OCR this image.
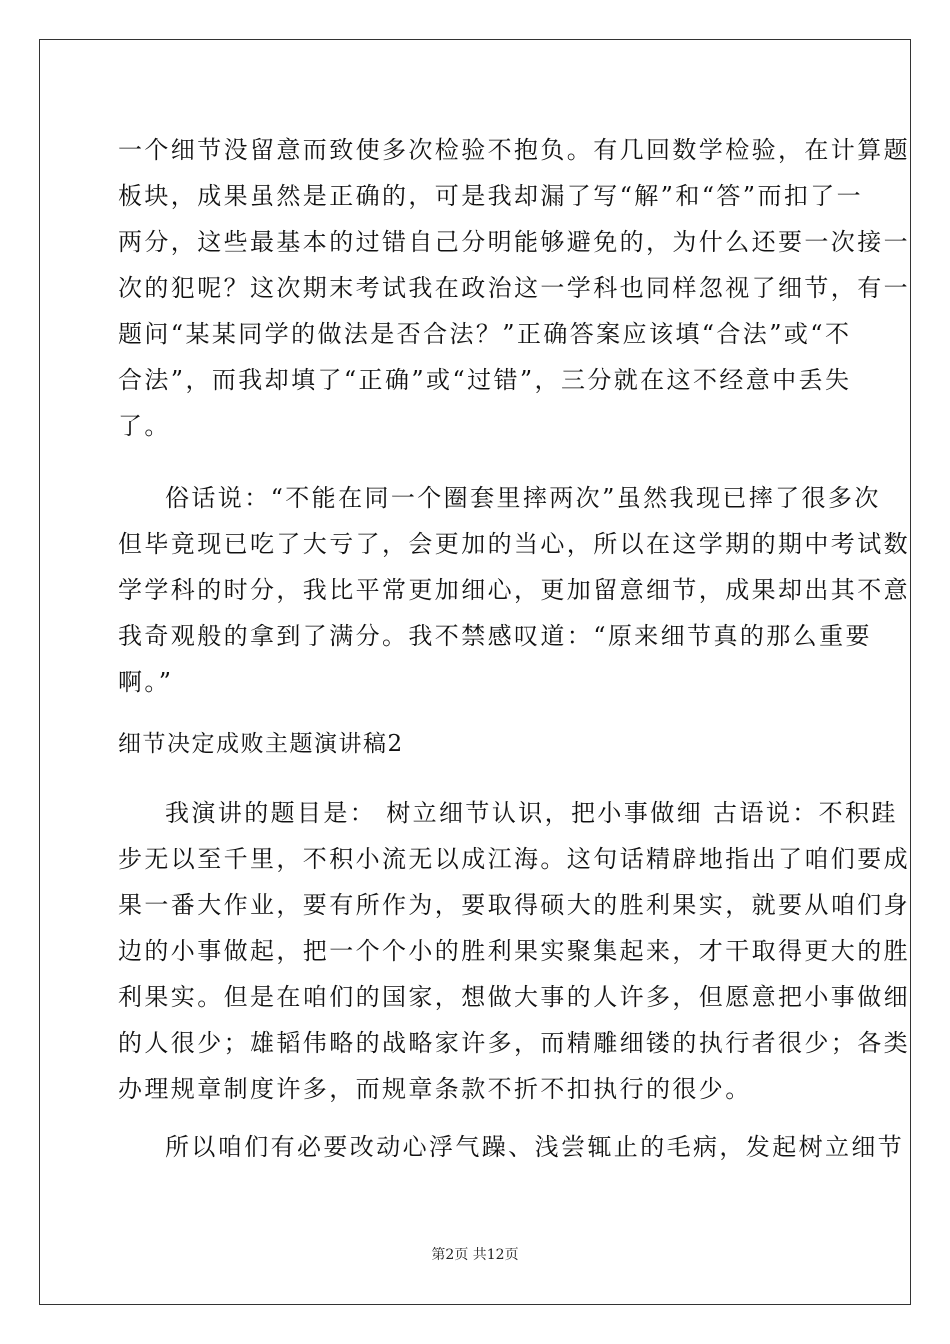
一个细节没留意而致使多次检验不抱负。有几回数学检验，在计算题
板块，成果虽然是正确的，可是我却漏了写“解”和“答”而扣了一
两分，这些最基本的过错自己分明能够避免的，为什么还要一次接一
次的犯呢？这次期末考试我在政治这一学科也同样忽视了细节，有一
题问“某某同学的做法是否合法？”正确答案应该填“合法”或“不
合法”，而我却填了“正确”或“过错”，三分就在这不经意中丢失
了。
俗话说：“不能在同一个圈套里摔两次”虽然我现已摔了很多次
但毕竟现已吃了大亏了，会更加的当心，所以在这学期的期中考试数
学学科的时分，我比平常更加细心，更加留意细节，成果却出其不意
我奇观般的拿到了满分。我不禁感叹道：“原来细节真的那么重要
啊。”
细节决定成败主题演讲稿2
我演讲的题目是： 树立细节认识，把小事做细 古语说：不积跬
步无以至千里，不积小流无以成江海。这句话精辟地指出了咱们要成
果一番大作业，要有所作为，要取得硕大的胜利果实，就要从咱们身
边的小事做起，把一个个小的胜利果实聚集起来，才干取得更大的胜
利果实。但是在咱们的国家，想做大事的人许多，但愿意把小事做细
的人很少；雄韬伟略的战略家许多，而精雕细镂的执行者很少；各类
办理规章制度许多，而规章条款不折不扣执行的很少。
所以咱们有必要改动心浮气躁、浅尝辄止的毛病，发起树立细节
第2页 共12页
